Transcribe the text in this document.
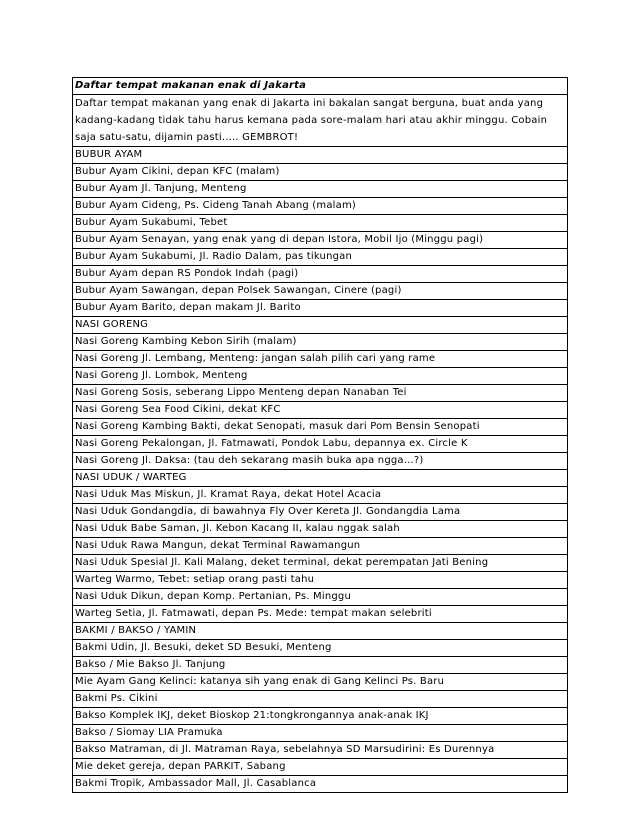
Daftar tempat makanan enak di Jakarta
Daftar tempat makanan yang enak di Jakarta ini bakalan sangat berguna, buat anda yang kadang-kadang tidak tahu harus kemana pada sore-malam hari atau akhir minggu. Cobain saja satu-satu, dijamin pasti..... GEMBROT!
BUBUR AYAM
Bubur Ayam Cikini, depan KFC (malam)
Bubur Ayam Jl. Tanjung, Menteng
Bubur Ayam Cideng, Ps. Cideng Tanah Abang (malam)
Bubur Ayam Sukabumi, Tebet
Bubur Ayam Senayan, yang enak yang di depan Istora, Mobil Ijo (Minggu pagi)
Bubur Ayam Sukabumi, Jl. Radio Dalam, pas tikungan
Bubur Ayam depan RS Pondok Indah (pagi)
Bubur Ayam Sawangan, depan Polsek Sawangan, Cinere (pagi)
Bubur Ayam Barito, depan makam Jl. Barito
NASI GORENG
Nasi Goreng Kambing Kebon Sirih (malam)
Nasi Goreng Jl. Lembang, Menteng: jangan salah pilih cari yang rame
Nasi Goreng Jl. Lombok, Menteng
Nasi Goreng Sosis, seberang Lippo Menteng depan Nanaban Tei
Nasi Goreng Sea Food Cikini, dekat KFC
Nasi Goreng Kambing Bakti, dekat Senopati, masuk dari Pom Bensin Senopati
Nasi Goreng Pekalongan, Jl. Fatmawati, Pondok Labu, depannya ex. Circle K
Nasi Goreng Jl. Daksa: (tau deh sekarang masih buka apa ngga...?)
NASI UDUK / WARTEG
Nasi Uduk Mas Miskun, Jl. Kramat Raya, dekat Hotel Acacia
Nasi Uduk Gondangdia, di bawahnya Fly Over Kereta Jl. Gondangdia Lama
Nasi Uduk Babe Saman, Jl. Kebon Kacang II, kalau nggak salah
Nasi Uduk Rawa Mangun, dekat Terminal Rawamangun
Nasi Uduk Spesial Jl. Kali Malang, deket terminal, dekat perempatan Jati Bening
Warteg Warmo, Tebet: setiap orang pasti tahu
Nasi Uduk Dikun, depan Komp. Pertanian, Ps. Minggu
Warteg Setia, Jl. Fatmawati, depan Ps. Mede: tempat makan selebriti
BAKMI / BAKSO / YAMIN
Bakmi Udin, Jl. Besuki, deket SD Besuki, Menteng
Bakso / Mie Bakso Jl. Tanjung
Mie Ayam Gang Kelinci: katanya sih yang enak di Gang Kelinci Ps. Baru
Bakmi Ps. Cikini
Bakso Komplek IKJ, deket Bioskop 21:tongkrongannya anak-anak IKJ
Bakso / Siomay LIA Pramuka
Bakso Matraman, di Jl. Matraman Raya, sebelahnya SD Marsudirini: Es Durennya
Mie deket gereja, depan PARKIT, Sabang
Bakmi Tropik, Ambassador Mall, Jl. Casablanca
